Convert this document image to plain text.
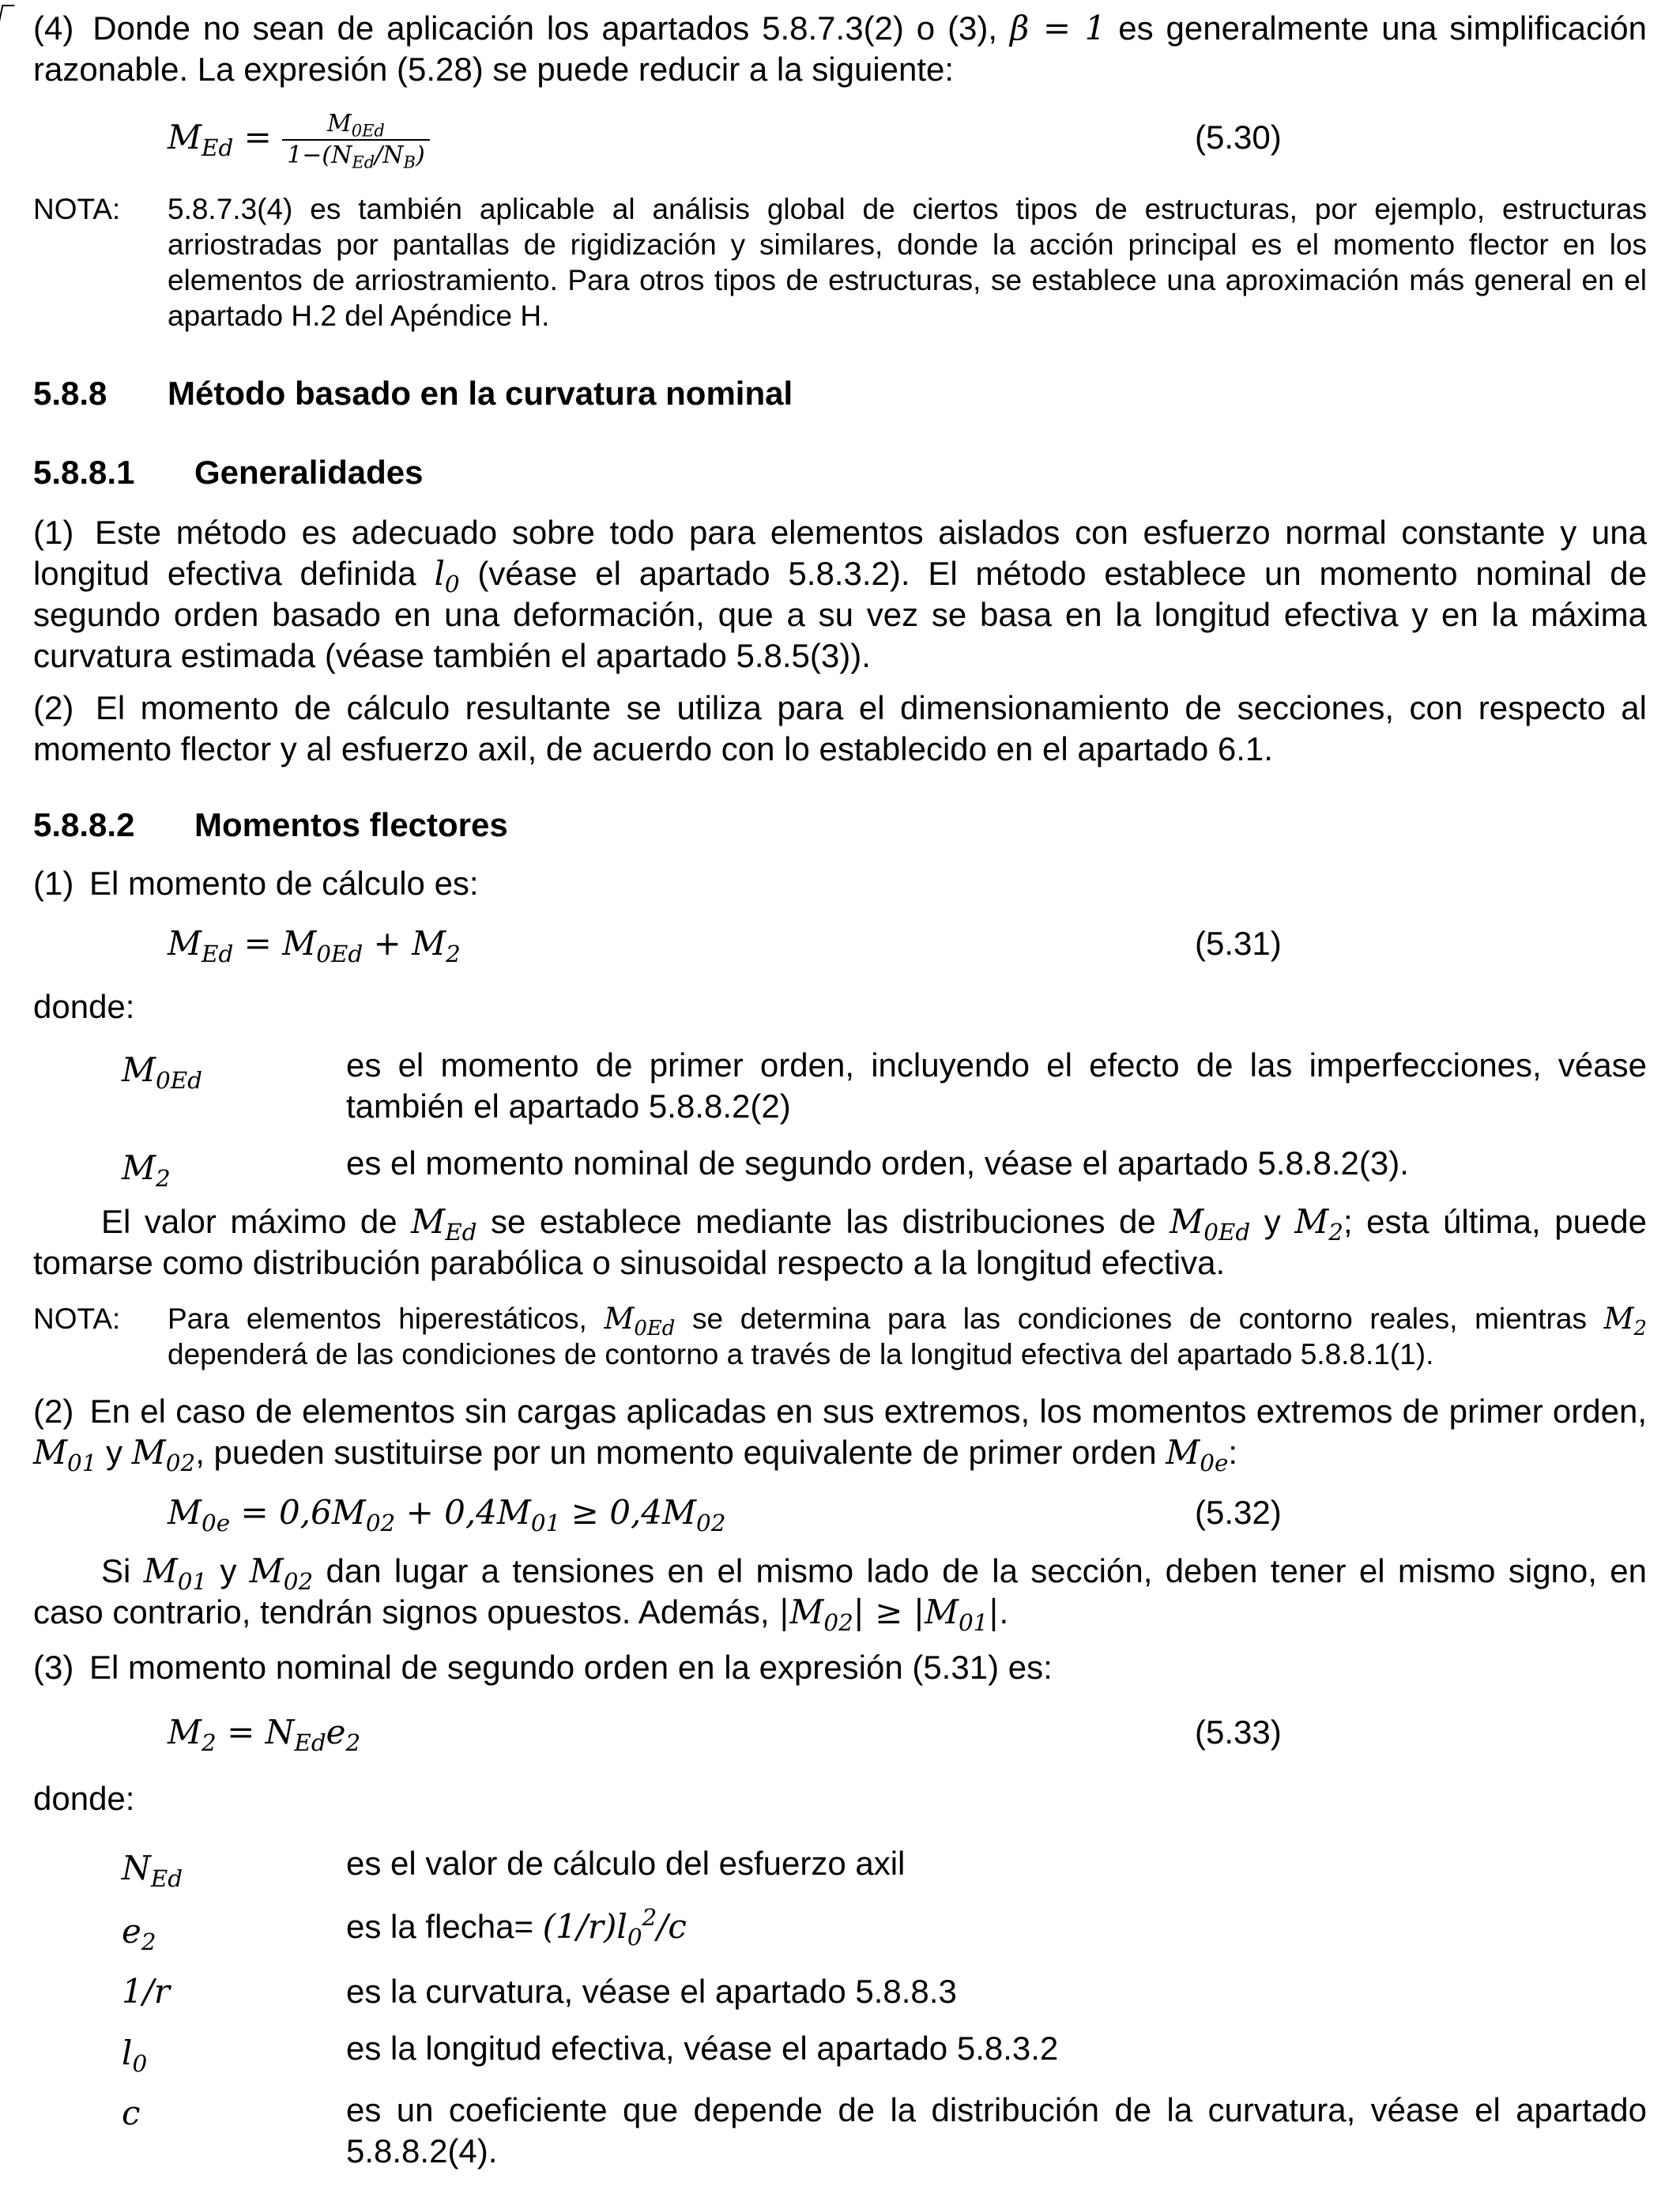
(4) Donde no sean de aplicación los apartados 5.8.7.3(2) o (3), β = 1 es generalmente una simplificación razonable. La expresión (5.28) se puede reducir a la siguiente:

$M_{Ed} = \frac{M_{0Ed}}{1-(N_{Ed}/N_B)}$	(5.30)
NOTA: 5.8.7.3(4) es también aplicable al análisis global de ciertos tipos de estructuras, por ejemplo, estructuras arriostradas por pantallas de rigidización y similares, donde la acción principal es el momento flector en los elementos de arriostramiento. Para otros tipos de estructuras, se establece una aproximación más general en el apartado H.2 del Apéndice H.
5.8.8 Método basado en la curvatura nominal
5.8.8.1 Generalidades

(1) Este método es adecuado sobre todo para elementos aislados con esfuerzo normal constante y una longitud efectiva definida $l_0$ (véase el apartado 5.8.3.2). El método establece un momento nominal de segundo orden basado en una deformación, que a su vez se basa en la longitud efectiva y en la máxima curvatura estimada (véase también el apartado 5.8.5(3)).

(2) El momento de cálculo resultante se utiliza para el dimensionamiento de secciones, con respecto al momento flector y al esfuerzo axil, de acuerdo con lo establecido en el apartado 6.1.

5.8.8.2 Momentos flectores

(1) El momento de cálculo es:

$M_{Ed} = M_{0Ed} + M_2$	(5.31)

donde:

$M_{0Ed}$	es el momento de primer orden, incluyendo el efecto de las imperfecciones, véase también el apartado 5.8.8.2(2)
$M_2$	es el momento nominal de segundo orden, véase el apartado 5.8.8.2(3).

El valor máximo de $M_{Ed}$ se establece mediante las distribuciones de $M_{0Ed}$ y $M_2$; esta última, puede tomarse como distribución parabólica o sinusoidal respecto a la longitud efectiva.

NOTA: Para elementos hiperestáticos, $M_{0Ed}$ se determina para las condiciones de contorno reales, mientras $M_2$ dependerá de las condiciones de contorno a través de la longitud efectiva del apartado 5.8.8.1(1).

(2) En el caso de elementos sin cargas aplicadas en sus extremos, los momentos extremos de primer orden, $M_{01}$ y $M_{02}$, pueden sustituirse por un momento equivalente de primer orden $M_{0e}$:

$M_{0e} = 0,6M_{02} + 0,4M_{01} \ge 0,4M_{02}$	(5.32)

Si $M_{01}$ y $M_{02}$ dan lugar a tensiones en el mismo lado de la sección, deben tener el mismo signo, en caso contrario, tendrán signos opuestos. Además, $|M_{02}| \ge |M_{01}|$.

(3) El momento nominal de segundo orden en la expresión (5.31) es:

$M_2 = N_{Ed}e_2$	(5.33)

donde:

$N_{Ed}$	es el valor de cálculo del esfuerzo axil
$e_2$	es la flecha= $(1/r)l_0^2/c$
1/r	es la curvatura, véase el apartado 5.8.8.3
$l_0$	es la longitud efectiva, véase el apartado 5.8.3.2
c	es un coeficiente que depende de la distribución de la curvatura, véase el apartado 5.8.8.2(4).
